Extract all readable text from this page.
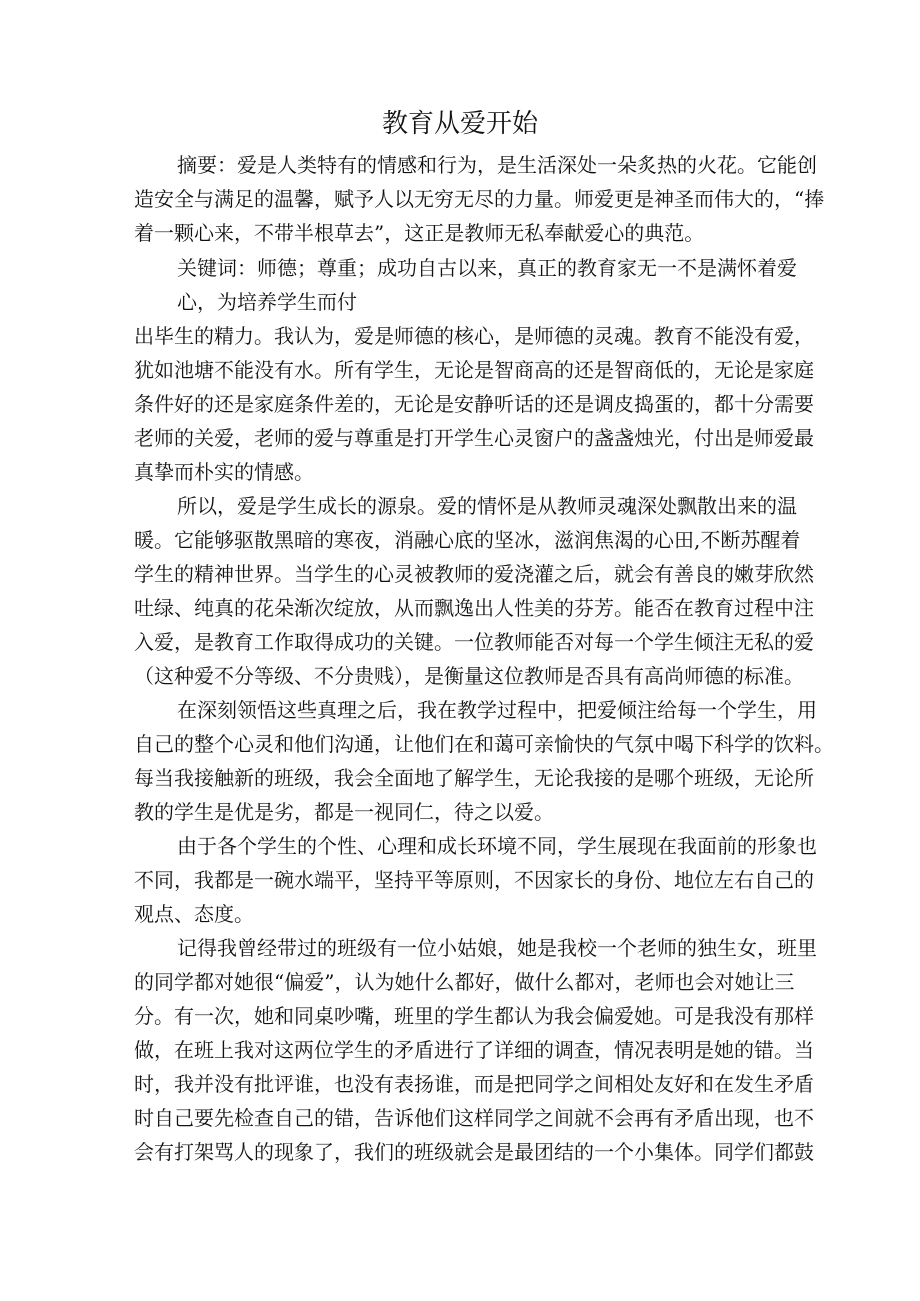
教育从爱开始
摘要：爱是人类特有的情感和行为，是生活深处一朵炙热的火花。它能创
造安全与满足的温馨，赋予人以无穷无尽的力量。师爱更是神圣而伟大的，“捧
着一颗心来，不带半根草去”，这正是教师无私奉献爱心的典范。
关键词：师德；尊重；成功自古以来，真正的教育家无一不是满怀着爱
心，为培养学生而付
出毕生的精力。我认为，爱是师德的核心，是师德的灵魂。教育不能没有爱，
犹如池塘不能没有水。所有学生，无论是智商高的还是智商低的，无论是家庭
条件好的还是家庭条件差的，无论是安静听话的还是调皮捣蛋的，都十分需要
老师的关爱，老师的爱与尊重是打开学生心灵窗户的盏盏烛光，付出是师爱最
真挚而朴实的情感。
所以，爱是学生成长的源泉。爱的情怀是从教师灵魂深处飘散出来的温
暖。它能够驱散黑暗的寒夜，消融心底的坚冰，滋润焦渴的心田,不断苏醒着
学生的精神世界。当学生的心灵被教师的爱浇灌之后，就会有善良的嫩芽欣然
吐绿、纯真的花朵渐次绽放，从而飘逸出人性美的芬芳。能否在教育过程中注
入爱，是教育工作取得成功的关键。一位教师能否对每一个学生倾注无私的爱
（这种爱不分等级、不分贵贱），是衡量这位教师是否具有高尚师德的标准。
在深刻领悟这些真理之后，我在教学过程中，把爱倾注给每一个学生，用
自己的整个心灵和他们沟通，让他们在和蔼可亲愉快的气氛中喝下科学的饮料。
每当我接触新的班级，我会全面地了解学生，无论我接的是哪个班级，无论所
教的学生是优是劣，都是一视同仁，待之以爱。
由于各个学生的个性、心理和成长环境不同，学生展现在我面前的形象也
不同，我都是一碗水端平，坚持平等原则，不因家长的身份、地位左右自己的
观点、态度。
记得我曾经带过的班级有一位小姑娘，她是我校一个老师的独生女，班里
的同学都对她很“偏爱”，认为她什么都好，做什么都对，老师也会对她让三
分。有一次，她和同桌吵嘴，班里的学生都认为我会偏爱她。可是我没有那样
做，在班上我对这两位学生的矛盾进行了详细的调查，情况表明是她的错。当
时，我并没有批评谁，也没有表扬谁，而是把同学之间相处友好和在发生矛盾
时自己要先检查自己的错，告诉他们这样同学之间就不会再有矛盾出现，也不
会有打架骂人的现象了，我们的班级就会是最团结的一个小集体。同学们都鼓
